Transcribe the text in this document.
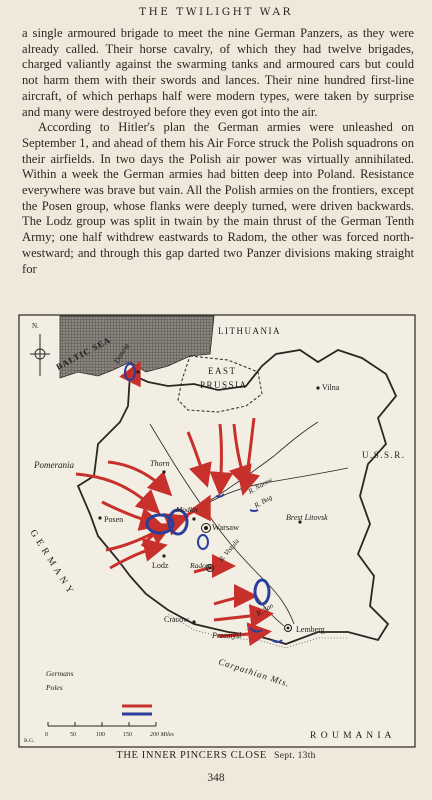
THE TWILIGHT WAR

a single armoured brigade to meet the nine German Panzers, as they were already called. Their horse cavalry, of which they had twelve brigades, charged valiantly against the swarming tanks and armoured cars but could not harm them with their swords and lances. Their nine hundred first-line aircraft, of which perhaps half were modern types, were taken by surprise and many were destroyed before they even got into the air.

According to Hitler's plan the German armies were unleashed on September 1, and ahead of them his Air Force struck the Polish squadrons on their airfields. In two days the Polish air power was virtually annihilated. Within a week the German armies had bitten deep into Poland. Resistance everywhere was brave but vain. All the Polish armies on the frontiers, except the Posen group, whose flanks were deeply turned, were driven backwards. The Lodz group was split in twain by the main thrust of the German Tenth Army; one half withdrew eastwards to Radom, the other was forced north-westward; and through this gap darted two Panzer divisions making straight for

N.
BALTIC SEA
LITHUANIA
EAST
PRUSSIA
U.S.S.R.
Pomerania
G E R M A N Y
R O U M A N I A
Carpathian Mts.
Danzig
Vilna
Thorn
Posen
Modlin
Warsaw
Brest Litovsk
Lodz	Radom
Cracow
Przemysl
Lemberg
R. Narew
R. Bug
R. Vistula
R. San
Germans
Poles
0	50	100	150	200 Miles
R.G.
THE INNER PINCERS CLOSE Sept. 13th
348
